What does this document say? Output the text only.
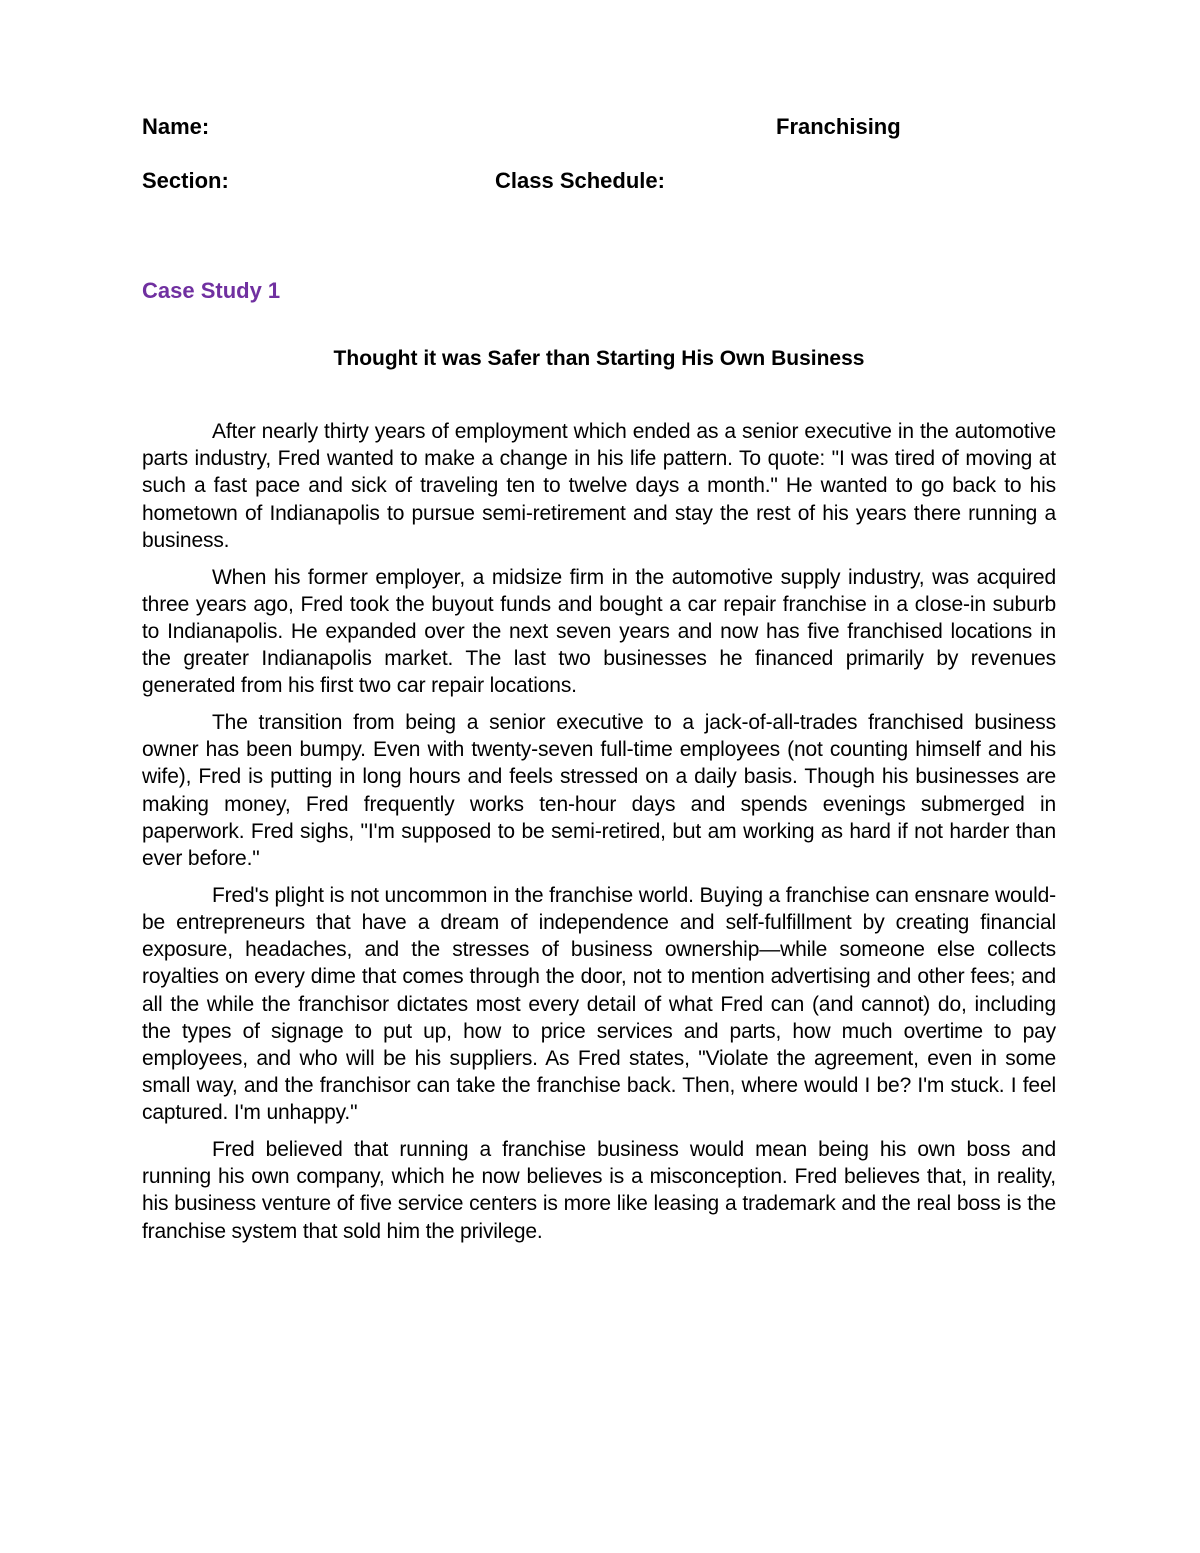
Name:	Franchising
Section:	Class Schedule:
Case Study 1
Thought it was Safer than Starting His Own Business

After nearly thirty years of employment which ended as a senior executive in the automotive parts industry, Fred wanted to make a change in his life pattern. To quote: "I was tired of moving at such a fast pace and sick of traveling ten to twelve days a month." He wanted to go back to his hometown of Indianapolis to pursue semi-retirement and stay the rest of his years there running a business.

When his former employer, a midsize firm in the automotive supply industry, was acquired three years ago, Fred took the buyout funds and bought a car repair franchise in a close-in suburb to Indianapolis. He expanded over the next seven years and now has five franchised locations in the greater Indianapolis market. The last two businesses he financed primarily by revenues generated from his first two car repair locations.

The transition from being a senior executive to a jack-of-all-trades franchised business owner has been bumpy. Even with twenty-seven full-time employees (not counting himself and his wife), Fred is putting in long hours and feels stressed on a daily basis. Though his businesses are making money, Fred frequently works ten-hour days and spends evenings submerged in paperwork. Fred sighs, "I'm supposed to be semi-retired, but am working as hard if not harder than ever before."

Fred's plight is not uncommon in the franchise world. Buying a franchise can ensnare would-be entrepreneurs that have a dream of independence and self-fulfillment by creating financial exposure, headaches, and the stresses of business ownership—while someone else collects royalties on every dime that comes through the door, not to mention advertising and other fees; and all the while the franchisor dictates most every detail of what Fred can (and cannot) do, including the types of signage to put up, how to price services and parts, how much overtime to pay employees, and who will be his suppliers. As Fred states, "Violate the agreement, even in some small way, and the franchisor can take the franchise back. Then, where would I be? I'm stuck. I feel captured. I'm unhappy."

Fred believed that running a franchise business would mean being his own boss and running his own company, which he now believes is a misconception. Fred believes that, in reality, his business venture of five service centers is more like leasing a trademark and the real boss is the franchise system that sold him the privilege.
